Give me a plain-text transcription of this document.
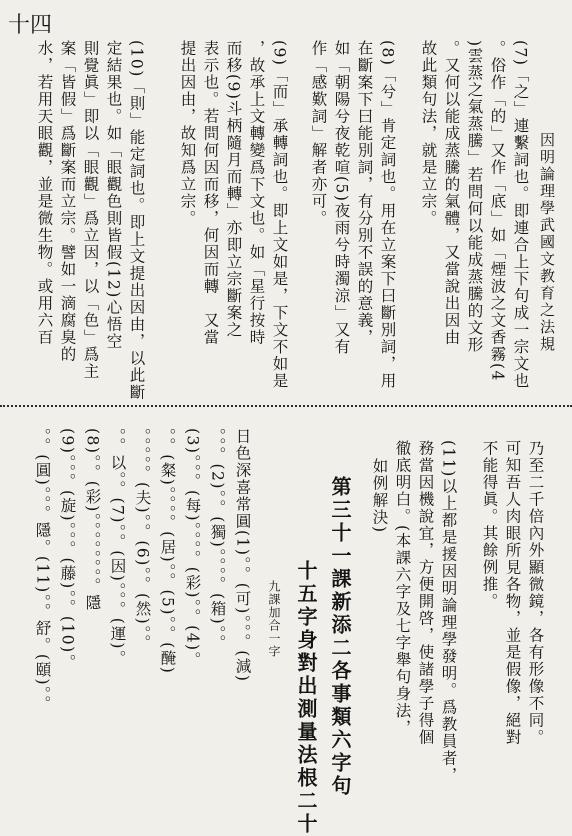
十四
因明論理學武國文教育之法規
(7)「之」連繫詞也。即連合上下句成一宗文也
。俗作「的」又作「底」如「煙波之文香霧(4
)雲蒸之氣蒸騰」若問何以能成蒸騰的文形
。又何以能成蒸騰的氣體，又當說出因由
故此類句法，就是立宗。
(8)「兮」肯定詞也。用在立案下曰斷別詞，用
在斷案下曰能別詞，有分別不誤的意義，
如「朝陽兮夜乾喧(5)夜雨兮時濁涼」又有
作「感歎詞」解者亦可。
(9)「而」承轉詞也。即上文如是，下文不如是
，故承上文轉變爲下文也。如「星行按時
而移(9)斗柄隨月而轉」亦即立宗斷案之
表示也。若問何因而移，何因而轉　又當
提出因由，故知爲立宗。
(10)「則」能定詞也。即上文提出因由，以此斷
定結果也。如「眼觀色則皆假(12)心悟空
則覺眞」即以「眼觀」爲立因，以「色」爲主
案「皆假」爲斷案而立宗。譬如一滴腐臭的
水，若用天眼觀，並是微生物。或用六百
乃至二千倍內外顯微鏡，各有形像不同。
可知吾人肉眼所見各物，並是假像，絕對
不能得眞。其餘例推。
(11)以上都是援因明論理學發明。爲教員者，
務當因機說宜，方便開啓，使諸學子得個
徹底明白。(本課六字及七字舉句身法，
如例解決)
第三十一課新添二各事類六字句
十五字身對出測量法根二十
九課加合一字
日色深喜常圓(1)。。(可)。。。(減)
。。。(2)。。(獨)。。。。(箱)。。
(3)。。。(每)。。。。(彩)。。(4)。
。。(粲)。。。。(居)。。(5)。。(醃)
。。。。。(夫)。。(6)。。(然)。。
。。以。。(7)。。(因)。。。(運)。
(8)。。(彩)。。。。。。。。隱
(9)。。。(旋)。。。(藤)。。(10)。
。。(圓)。。。隱。(11)。。舒。(頤)。。
